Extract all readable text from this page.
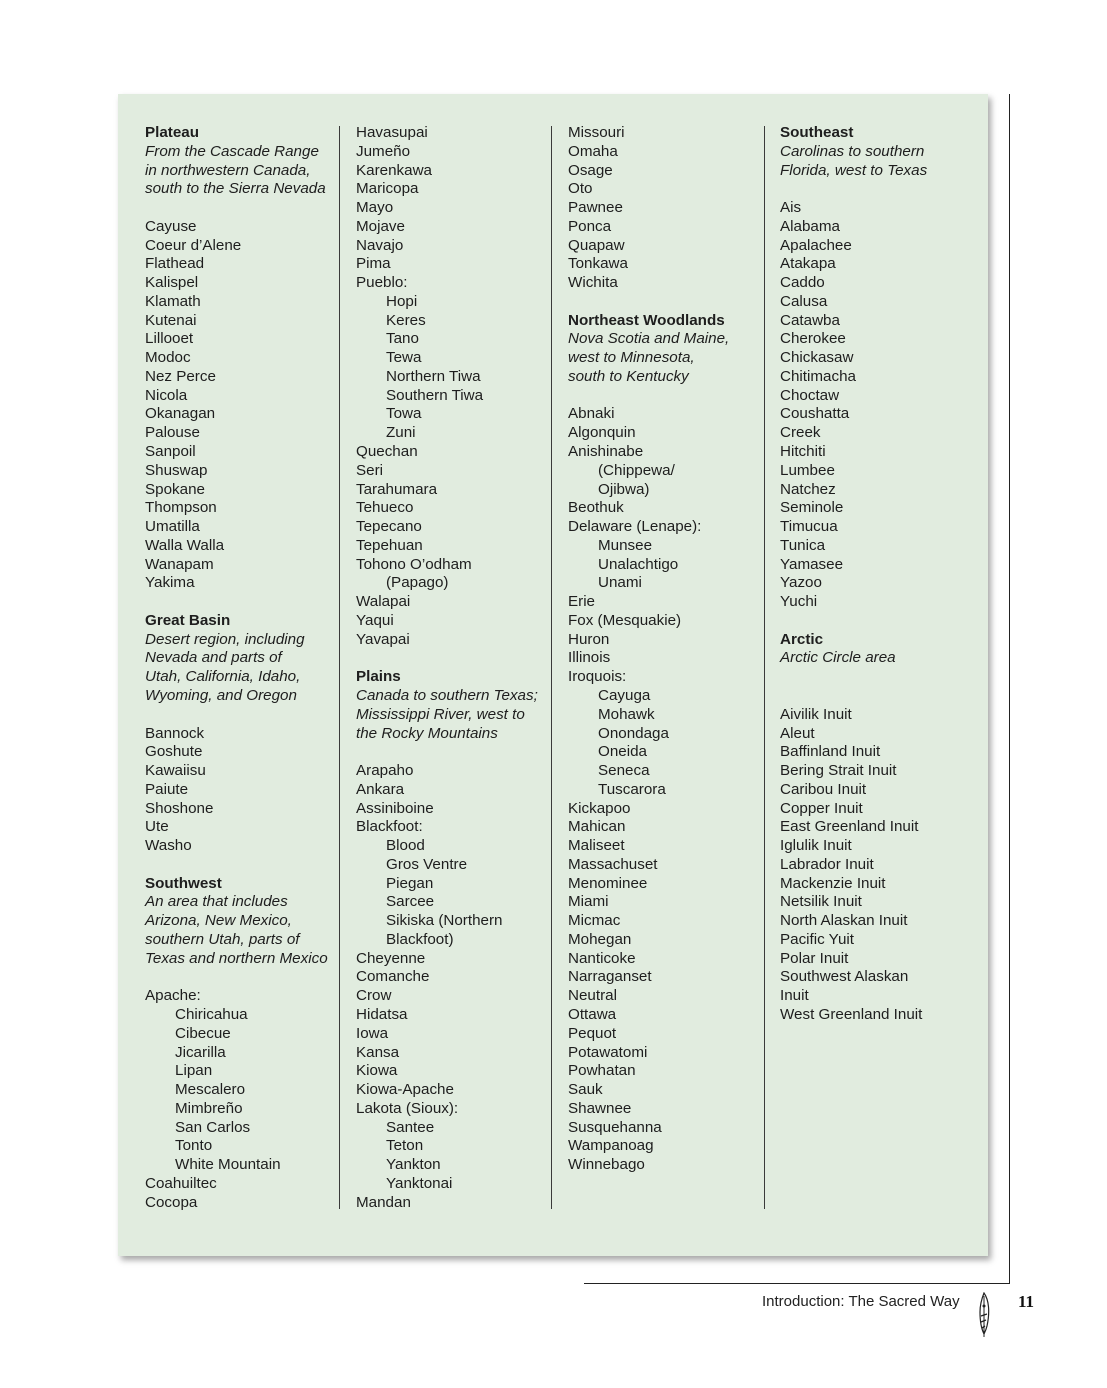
Plateau
From the Cascade Range
in northwestern Canada,
south to the Sierra Nevada
Cayuse
Coeur d’Alene
Flathead
Kalispel
Klamath
Kutenai
Lillooet
Modoc
Nez Perce
Nicola
Okanagan
Palouse
Sanpoil
Shuswap
Spokane
Thompson
Umatilla
Walla Walla
Wanapam
Yakima
Great Basin
Desert region, including
Nevada and parts of
Utah, California, Idaho,
Wyoming, and Oregon
Bannock
Goshute
Kawaiisu
Paiute
Shoshone
Ute
Washo
Southwest
An area that includes
Arizona, New Mexico,
southern Utah, parts of
Texas and northern Mexico
Apache:
Chiricahua
Cibecue
Jicarilla
Lipan
Mescalero
Mimbreño
San Carlos
Tonto
White Mountain
Coahuiltec
Cocopa
Havasupai
Jumeño
Karenkawa
Maricopa
Mayo
Mojave
Navajo
Pima
Pueblo:
Hopi
Keres
Tano
Tewa
Northern Tiwa
Southern Tiwa
Towa
Zuni
Quechan
Seri
Tarahumara
Tehueco
Tepecano
Tepehuan
Tohono O’odham
(Papago)
Walapai
Yaqui
Yavapai
Plains
Canada to southern Texas;
Mississippi River, west to
the Rocky Mountains
Arapaho
Ankara
Assiniboine
Blackfoot:
Blood
Gros Ventre
Piegan
Sarcee
Sikiska (Northern
Blackfoot)
Cheyenne
Comanche
Crow
Hidatsa
Iowa
Kansa
Kiowa
Kiowa-Apache
Lakota (Sioux):
Santee
Teton
Yankton
Yanktonai
Mandan
Missouri
Omaha
Osage
Oto
Pawnee
Ponca
Quapaw
Tonkawa
Wichita
Northeast Woodlands
Nova Scotia and Maine,
west to Minnesota,
south to Kentucky
Abnaki
Algonquin
Anishinabe
(Chippewa/
Ojibwa)
Beothuk
Delaware (Lenape):
Munsee
Unalachtigo
Unami
Erie
Fox (Mesquakie)
Huron
Illinois
Iroquois:
Cayuga
Mohawk
Onondaga
Oneida
Seneca
Tuscarora
Kickapoo
Mahican
Maliseet
Massachuset
Menominee
Miami
Micmac
Mohegan
Nanticoke
Narraganset
Neutral
Ottawa
Pequot
Potawatomi
Powhatan
Sauk
Shawnee
Susquehanna
Wampanoag
Winnebago
Southeast
Carolinas to southern
Florida, west to Texas
Ais
Alabama
Apalachee
Atakapa
Caddo
Calusa
Catawba
Cherokee
Chickasaw
Chitimacha
Choctaw
Coushatta
Creek
Hitchiti
Lumbee
Natchez
Seminole
Timucua
Tunica
Yamasee
Yazoo
Yuchi
Arctic
Arctic Circle area
Aivilik Inuit
Aleut
Baffinland Inuit
Bering Strait Inuit
Caribou Inuit
Copper Inuit
East Greenland Inuit
Iglulik Inuit
Labrador Inuit
Mackenzie Inuit
Netsilik Inuit
North Alaskan Inuit
Pacific Yuit
Polar Inuit
Southwest Alaskan
Inuit
West Greenland Inuit
Introduction: The Sacred Way	11
